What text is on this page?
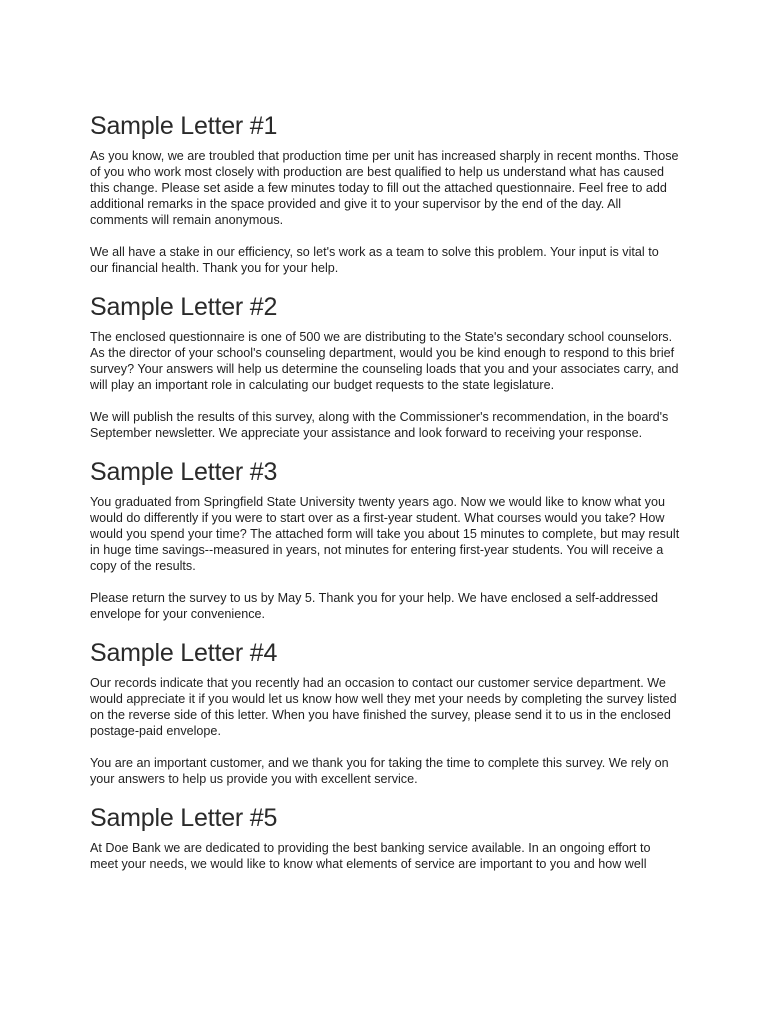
Sample Letter #1

As you know, we are troubled that production time per unit has increased sharply in recent months. Those of you who work most closely with production are best qualified to help us understand what has caused this change. Please set aside a few minutes today to fill out the attached questionnaire. Feel free to add additional remarks in the space provided and give it to your supervisor by the end of the day. All comments will remain anonymous.

We all have a stake in our efficiency, so let's work as a team to solve this problem. Your input is vital to our financial health. Thank you for your help.

Sample Letter #2

The enclosed questionnaire is one of 500 we are distributing to the State's secondary school counselors. As the director of your school's counseling department, would you be kind enough to respond to this brief survey? Your answers will help us determine the counseling loads that you and your associates carry, and will play an important role in calculating our budget requests to the state legislature.

We will publish the results of this survey, along with the Commissioner's recommendation, in the board's September newsletter. We appreciate your assistance and look forward to receiving your response.

Sample Letter #3

You graduated from Springfield State University twenty years ago. Now we would like to know what you would do differently if you were to start over as a first-year student. What courses would you take? How would you spend your time? The attached form will take you about 15 minutes to complete, but may result in huge time savings--measured in years, not minutes for entering first-year students. You will receive a copy of the results.

Please return the survey to us by May 5. Thank you for your help. We have enclosed a self-addressed envelope for your convenience.

Sample Letter #4

Our records indicate that you recently had an occasion to contact our customer service department. We would appreciate it if you would let us know how well they met your needs by completing the survey listed on the reverse side of this letter. When you have finished the survey, please send it to us in the enclosed postage-paid envelope.

You are an important customer, and we thank you for taking the time to complete this survey. We rely on your answers to help us provide you with excellent service.

Sample Letter #5

At Doe Bank we are dedicated to providing the best banking service available. In an ongoing effort to meet your needs, we would like to know what elements of service are important to you and how well
